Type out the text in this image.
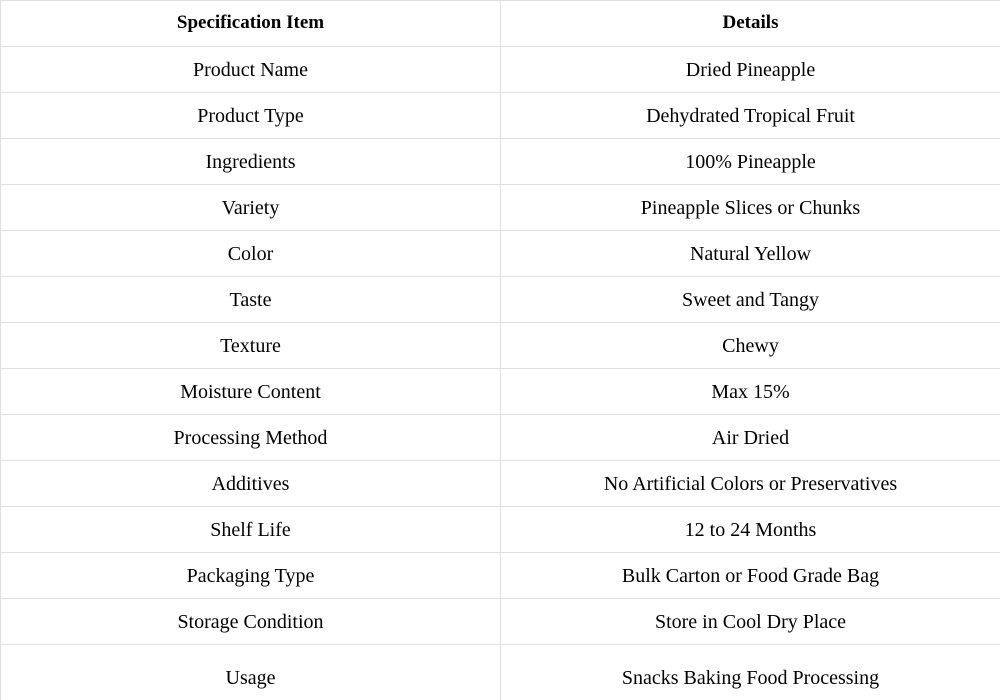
Specification Item	Details
Product Name	Dried Pineapple
Product Type	Dehydrated Tropical Fruit
Ingredients	100% Pineapple
Variety	Pineapple Slices or Chunks
Color	Natural Yellow
Taste	Sweet and Tangy
Texture	Chewy
Moisture Content	Max 15%
Processing Method	Air Dried
Additives	No Artificial Colors or Preservatives
Shelf Life	12 to 24 Months
Packaging Type	Bulk Carton or Food Grade Bag
Storage Condition	Store in Cool Dry Place
Usage	Snacks Baking Food Processing
